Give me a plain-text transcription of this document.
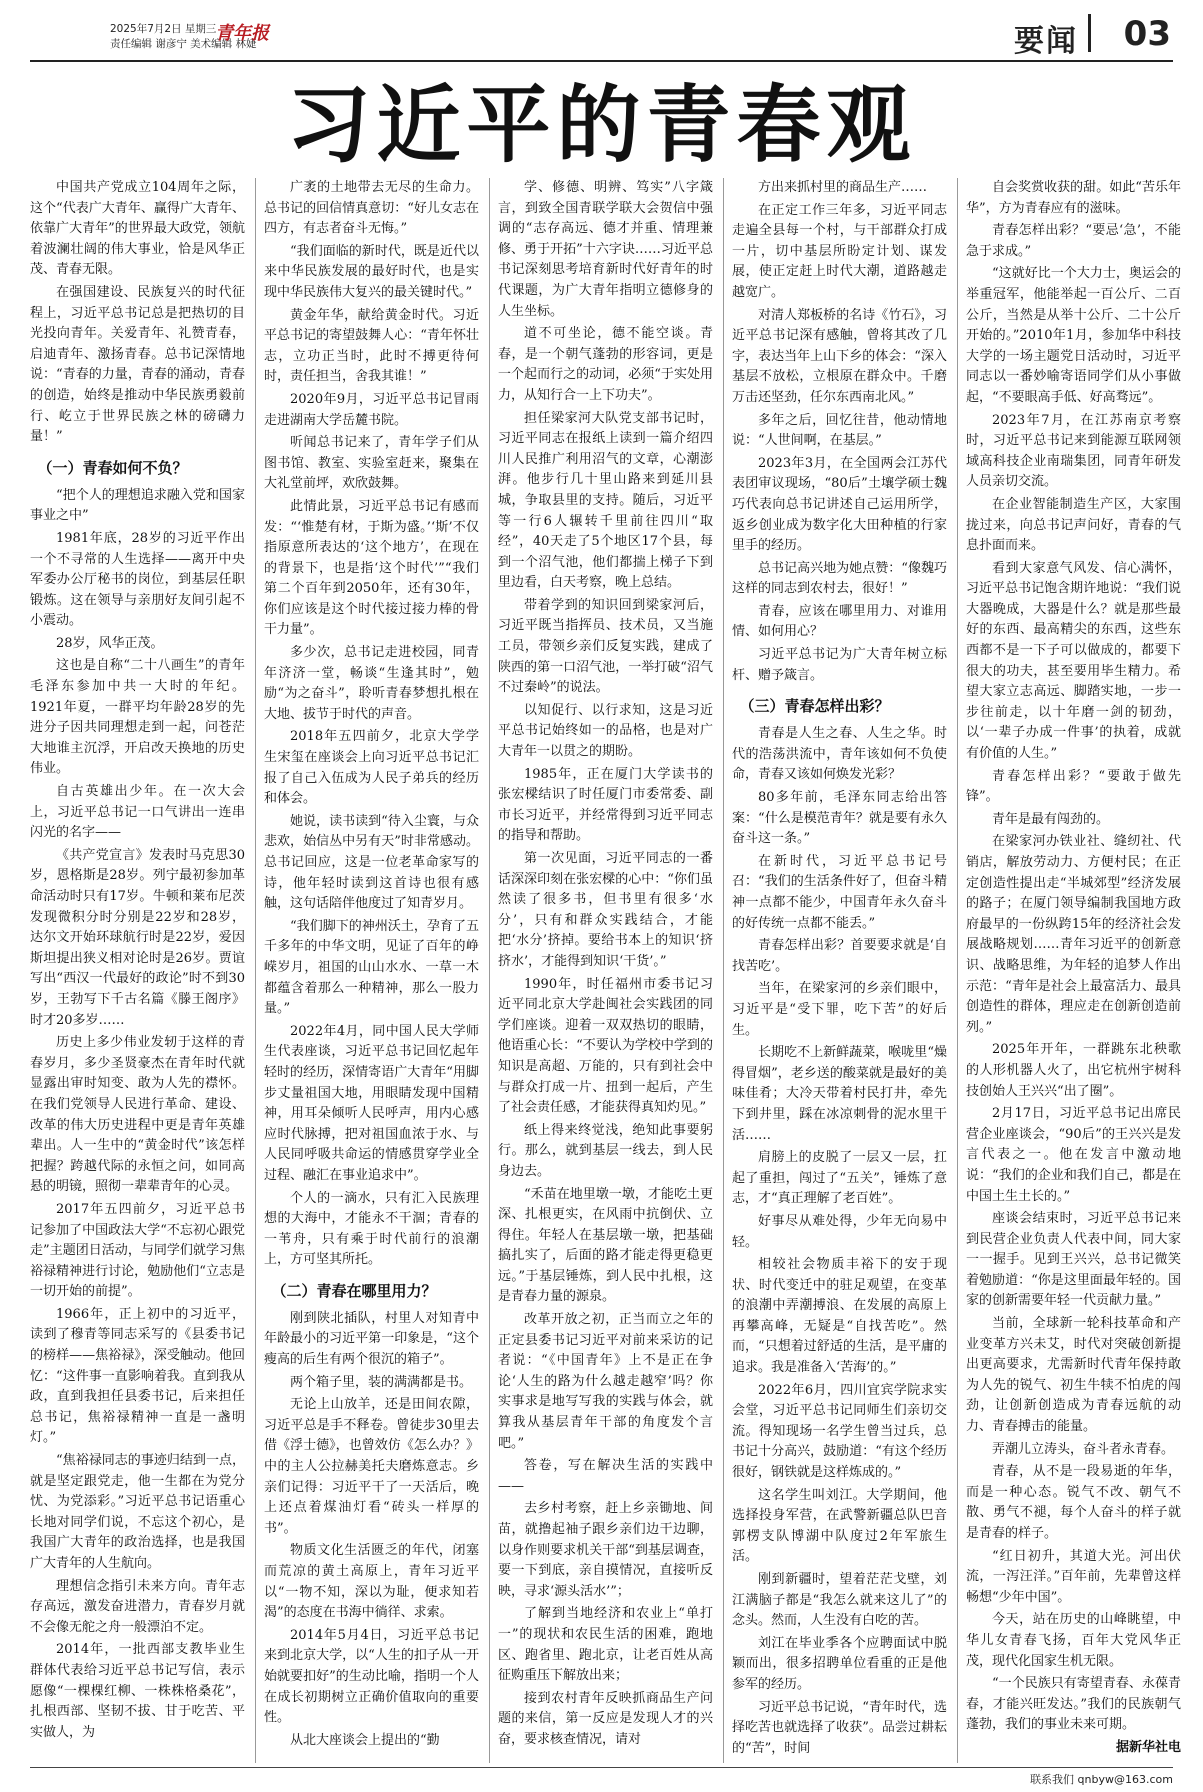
2025年7月2日 星期三
责任编辑 谢彦宁 美术编辑 林婕
青年报	要闻 03
习近平的青春观

中国共产党成立104周年之际，这个“代表广大青年、赢得广大青年、依靠广大青年”的世界最大政党，领航着波澜壮阔的伟大事业，恰是风华正茂、青春无限。

在强国建设、民族复兴的时代征程上，习近平总书记总是把热切的目光投向青年。关爱青年、礼赞青春，启迪青年、激扬青春。总书记深情地说：“青春的力量，青春的涌动，青春的创造，始终是推动中华民族勇毅前行、屹立于世界民族之林的磅礴力量！”

（一）青春如何不负？

“把个人的理想追求融入党和国家事业之中”

1981年底，28岁的习近平作出一个不寻常的人生选择——离开中央军委办公厅秘书的岗位，到基层任职锻炼。这在领导与亲朋好友间引起不小震动。

28岁，风华正茂。

这也是自称“二十八画生”的青年毛泽东参加中共一大时的年纪。1921年夏，一群平均年龄28岁的先进分子因共同理想走到一起，问苍茫大地谁主沉浮，开启改天换地的历史伟业。

自古英雄出少年。在一次大会上，习近平总书记一口气讲出一连串闪光的名字——

《共产党宣言》发表时马克思30岁，恩格斯是28岁。列宁最初参加革命活动时只有17岁。牛顿和莱布尼茨发现微积分时分别是22岁和28岁，达尔文开始环球航行时是22岁，爱因斯坦提出狭义相对论时是26岁。贾谊写出“西汉一代最好的政论”时不到30岁，王勃写下千古名篇《滕王阁序》时才20多岁……

历史上多少伟业发轫于这样的青春岁月，多少圣贤豪杰在青年时代就显露出审时知变、敢为人先的襟怀。在我们党领导人民进行革命、建设、改革的伟大历史进程中更是青年英雄辈出。人一生中的“黄金时代”该怎样把握？跨越代际的永恒之问，如同高悬的明镜，照彻一辈辈青年的心灵。

2017年五四前夕，习近平总书记参加了中国政法大学“不忘初心跟党走”主题团日活动，与同学们就学习焦裕禄精神进行讨论，勉励他们“立志是一切开始的前提”。

1966年，正上初中的习近平，读到了穆青等同志采写的《县委书记的榜样——焦裕禄》，深受触动。他回忆：“这件事一直影响着我。直到我从政，直到我担任县委书记，后来担任总书记，焦裕禄精神一直是一盏明灯。”

“焦裕禄同志的事迹归结到一点，就是坚定跟党走，他一生都在为党分忧、为党添彩。”习近平总书记语重心长地对同学们说，不忘这个初心，是我国广大青年的政治选择，也是我国广大青年的人生航向。

理想信念指引未来方向。青年志存高远，激发奋进潜力，青春岁月就不会像无舵之舟一般漂泊不定。

2014年，一批西部支教毕业生群体代表给习近平总书记写信，表示愿像“一棵棵红柳、一株株格桑花”，扎根西部、坚韧不拔、甘于吃苦、平实做人，为

广袤的土地带去无尽的生命力。总书记的回信情真意切：“好儿女志在四方，有志者奋斗无悔。”

“我们面临的新时代，既是近代以来中华民族发展的最好时代，也是实现中华民族伟大复兴的最关键时代。”

黄金年华，献给黄金时代。习近平总书记的寄望鼓舞人心：“青年怀壮志，立功正当时，此时不搏更待何时，责任担当，舍我其谁！”

2020年9月，习近平总书记冒雨走进湖南大学岳麓书院。

听闻总书记来了，青年学子们从图书馆、教室、实验室赶来，聚集在大礼堂前坪，欢欣鼓舞。

此情此景，习近平总书记有感而发：“‘惟楚有材，于斯为盛。’‘斯’不仅指原意所表达的‘这个地方’，在现在的背景下，也是指‘这个时代’”“我们第二个百年到2050年，还有30年，你们应该是这个时代接过接力棒的骨干力量”。

多少次，总书记走进校园，同青年济济一堂，畅谈“生逢其时”，勉励“为之奋斗”，聆听青春梦想扎根在大地、拔节于时代的声音。

2018年五四前夕，北京大学学生宋玺在座谈会上向习近平总书记汇报了自己入伍成为人民子弟兵的经历和体会。

她说，读书读到“待入尘寰，与众悲欢，始信丛中另有天”时非常感动。总书记回应，这是一位老革命家写的诗，他年轻时读到这首诗也很有感触，这句话陪伴他度过了知青岁月。

“我们脚下的神州沃土，孕育了五千多年的中华文明，见证了百年的峥嵘岁月，祖国的山山水水、一草一木都蕴含着那么一种精神，那么一股力量。”

2022年4月，同中国人民大学师生代表座谈，习近平总书记回忆起年轻时的经历，深情寄语广大青年“用脚步丈量祖国大地，用眼睛发现中国精神，用耳朵倾听人民呼声，用内心感应时代脉搏，把对祖国血浓于水、与人民同呼吸共命运的情感贯穿学业全过程、融汇在事业追求中”。

个人的一滴水，只有汇入民族理想的大海中，才能永不干涸；青春的一苇舟，只有乘于时代前行的浪潮上，方可坚其所托。

（二）青春在哪里用力？

刚到陕北插队，村里人对知青中年龄最小的习近平第一印象是，“这个瘦高的后生有两个很沉的箱子”。

两个箱子里，装的满满都是书。

无论上山放羊，还是田间农隙，习近平总是手不释卷。曾徒步30里去借《浮士德》，也曾效仿《怎么办？》中的主人公拉赫美托夫磨炼意志。乡亲们记得：习近平干了一天活后，晚上还点着煤油灯看“砖头一样厚的书”。

物质文化生活匮乏的年代，闭塞而荒凉的黄土高原上，青年习近平以“一物不知，深以为耻，便求知若渴”的态度在书海中徜徉、求索。

2014年5月4日，习近平总书记来到北京大学，以“人生的扣子从一开始就要扣好”的生动比喻，指明一个人在成长初期树立正确价值取向的重要性。

从北大座谈会上提出的“勤

学、修德、明辨、笃实”八字箴言，到致全国青联学联大会贺信中强调的“志存高远、德才并重、情理兼修、勇于开拓”十六字诀……习近平总书记深刻思考培育新时代好青年的时代课题，为广大青年指明立德修身的人生坐标。

道不可坐论，德不能空谈。青春，是一个朝气蓬勃的形容词，更是一个起而行之的动词，必须“于实处用力，从知行合一上下功夫”。

担任梁家河大队党支部书记时，习近平同志在报纸上读到一篇介绍四川人民推广利用沼气的文章，心潮澎湃。他步行几十里山路来到延川县城，争取县里的支持。随后，习近平等一行6人辗转千里前往四川“取经”，40天走了5个地区17个县，每到一个沼气池，他们都揣上梯子下到里边看，白天考察，晚上总结。

带着学到的知识回到梁家河后，习近平既当指挥员、技术员，又当施工员，带领乡亲们反复实践，建成了陕西的第一口沼气池，一举打破“沼气不过秦岭”的说法。

以知促行、以行求知，这是习近平总书记始终如一的品格，也是对广大青年一以贯之的期盼。

1985年，正在厦门大学读书的张宏樑结识了时任厦门市委常委、副市长习近平，并经常得到习近平同志的指导和帮助。

第一次见面，习近平同志的一番话深深印刻在张宏樑的心中：“你们虽然读了很多书，但书里有很多‘水分’，只有和群众实践结合，才能把‘水分’挤掉。要给书本上的知识‘挤挤水’，才能得到知识‘干货’。”

1990年，时任福州市委书记习近平同北京大学赴闽社会实践团的同学们座谈。迎着一双双热切的眼睛，他语重心长：“不要认为学校中学到的知识是高超、万能的，只有到社会中与群众打成一片、扭到一起后，产生了社会责任感，才能获得真知灼见。”

纸上得来终觉浅，绝知此事要躬行。那么，就到基层一线去，到人民身边去。

“禾苗在地里墩一墩，才能吃土更深、扎根更实，在风雨中抗倒伏、立得住。年轻人在基层墩一墩，把基础搞扎实了，后面的路才能走得更稳更远。”于基层锤炼，到人民中扎根，这是青春力量的源泉。

改革开放之初，正当而立之年的正定县委书记习近平对前来采访的记者说：“《中国青年》上不是正在争论‘人生的路为什么越走越窄’吗？你实事求是地写写我的实践与体会，就算我从基层青年干部的角度发个言吧。”

答卷，写在解决生活的实践中——

去乡村考察，赶上乡亲锄地、间苗，就撸起袖子跟乡亲们边干边聊，以身作则要求机关干部“到基层调查，要一下到底，亲自摸情况，直接听反映，寻求‘源头活水’”；

了解到当地经济和农业上“单打一”的现状和农民生活的困难，跑地区、跑省里、跑北京，让老百姓从高征购重压下解放出来；

接到农村青年反映抓商品生产问题的来信，第一反应是发现人才的兴奋，要求核查情况，请对

方出来抓村里的商品生产……

在正定工作三年多，习近平同志走遍全县每一个村，与干部群众打成一片，切中基层所盼定计划、谋发展，使正定赶上时代大潮，道路越走越宽广。

对清人郑板桥的名诗《竹石》，习近平总书记深有感触，曾将其改了几字，表达当年上山下乡的体会：“深入基层不放松，立根原在群众中。千磨万击还坚劲，任尔东西南北风。”

多年之后，回忆往昔，他动情地说：“人世间啊，在基层。”

2023年3月，在全国两会江苏代表团审议现场，“80后”土壤学硕士魏巧代表向总书记讲述自己运用所学，返乡创业成为数字化大田种植的行家里手的经历。

总书记高兴地为她点赞：“像魏巧这样的同志到农村去，很好！”

青春，应该在哪里用力、对谁用情、如何用心？

习近平总书记为广大青年树立标杆、赠予箴言。

（三）青春怎样出彩？

青春是人生之春、人生之华。时代的浩荡洪流中，青年该如何不负使命，青春又该如何焕发光彩？

80多年前，毛泽东同志给出答案：“什么是模范青年？就是要有永久奋斗这一条。”

在新时代，习近平总书记号召：“我们的生活条件好了，但奋斗精神一点都不能少，中国青年永久奋斗的好传统一点都不能丢。”

青春怎样出彩？首要要求就是‘自找苦吃’。

当年，在梁家河的乡亲们眼中，习近平是“受下罪，吃下苦”的好后生。

长期吃不上新鲜蔬菜，喉咙里“燥得冒烟”，老乡送的酸菜就是最好的美味佳肴；大冷天带着村民打井，牵先下到井里，踩在冰凉刺骨的泥水里干活……

肩膀上的皮脱了一层又一层，扛起了重担，闯过了“五关”，锤炼了意志，才“真正理解了老百姓”。

好事尽从难处得，少年无向易中轻。

相较社会物质丰裕下的安于现状、时代变迁中的驻足观望，在变革的浪潮中弄潮搏浪、在发展的高原上再攀高峰，无疑是“自找苦吃”。然而，“只想着过舒适的生活，是平庸的追求。我是准备入‘苦海’的。”

2022年6月，四川宜宾学院求实会堂，习近平总书记同师生们亲切交流。得知现场一名学生曾当过兵，总书记十分高兴，鼓励道：“有这个经历很好，钢铁就是这样炼成的。”

这名学生叫刘江。大学期间，他选择投身军营，在武警新疆总队巴音郭楞支队博湖中队度过2年军旅生活。

刚到新疆时，望着茫茫戈壁，刘江满脑子都是“我怎么就来这儿了”的念头。然而，人生没有白吃的苦。

刘江在毕业季各个应聘面试中脱颖而出，很多招聘单位看重的正是他参军的经历。

习近平总书记说，“青年时代，选择吃苦也就选择了收获”。品尝过耕耘的“苦”，时间

自会奖赏收获的甜。如此“苦乐年华”，方为青春应有的滋味。

青春怎样出彩？“要忌‘急’，不能急于求成。”

“这就好比一个大力士，奥运会的举重冠军，他能举起一百公斤、二百公斤，当然是从举十公斤、二十公斤开始的。”2010年1月，参加华中科技大学的一场主题党日活动时，习近平同志以一番妙喻寄语同学们从小事做起，“不要眼高手低、好高骛远”。

2023年7月，在江苏南京考察时，习近平总书记来到能源互联网领域高科技企业南瑞集团，同青年研发人员亲切交流。

在企业智能制造生产区，大家围拢过来，向总书记声问好，青春的气息扑面而来。

看到大家意气风发、信心满怀，习近平总书记饱含期许地说：“我们说大器晚成，大器是什么？就是那些最好的东西、最高精尖的东西，这些东西都不是一下子可以做成的，都要下很大的功夫，甚至要用毕生精力。希望大家立志高远、脚踏实地，一步一步往前走，以十年磨一剑的韧劲，以‘一辈子办成一件事’的执着，成就有价值的人生。”

青春怎样出彩？“要敢于做先锋”。

青年是最有闯劲的。

在梁家河办铁业社、缝纫社、代销店，解放劳动力、方便村民；在正定创造性提出走“半城郊型”经济发展的路子；在厦门领导编制我国地方政府最早的一份纵跨15年的经济社会发展战略规划……青年习近平的创新意识、战略思维，为年轻的追梦人作出示范：“青年是社会上最富活力、最具创造性的群体，理应走在创新创造前列。”

2025年开年，一群跳东北秧歌的人形机器人火了，出它杭州宇树科技创始人王兴兴“出了圈”。

2月17日，习近平总书记出席民营企业座谈会，“90后”的王兴兴是发言代表之一。他在发言中激动地说：“我们的企业和我们自己，都是在中国土生土长的。”

座谈会结束时，习近平总书记来到民营企业负责人代表中间，同大家一一握手。见到王兴兴，总书记微笑着勉励道：“你是这里面最年轻的。国家的创新需要年轻一代贡献力量。”

当前，全球新一轮科技革命和产业变革方兴未艾，时代对突破创新提出更高要求，尤需新时代青年保持敢为人先的锐气、初生牛犊不怕虎的闯劲，让创新创造成为青春远航的动力、青春搏击的能量。

弄潮儿立涛头，奋斗者永青春。

青春，从不是一段易逝的年华，而是一种心态。锐气不改、朝气不散、勇气不褪，每个人奋斗的样子就是青春的样子。

“红日初升，其道大光。河出伏流，一泻汪洋。”百年前，先辈曾这样畅想“少年中国”。

今天，站在历史的山峰眺望，中华儿女青春飞扬，百年大党风华正茂，现代化国家生机无限。

“一个民族只有寄望青春、永葆青春，才能兴旺发达。”我们的民族朝气蓬勃，我们的事业未来可期。

据新华社电

联系我们 qnbyw@163.com
